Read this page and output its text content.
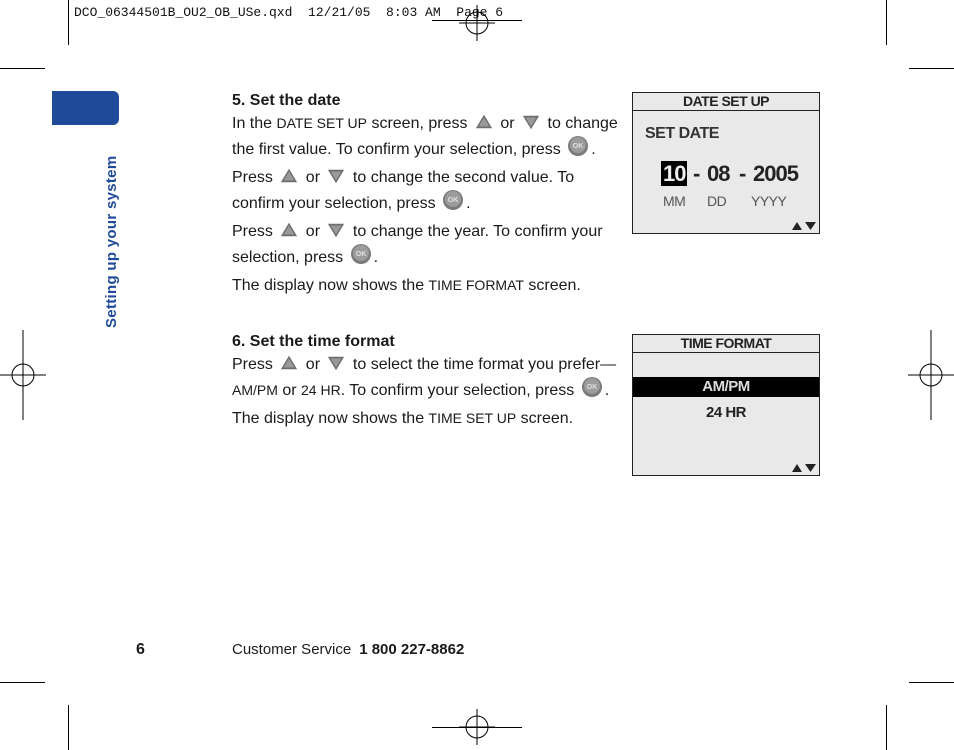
DCO_06344501B_OU2_OB_USe.qxd  12/21/05  8:03 AM  Page 6
Setting up your system
5. Set the date

In the DATE SET UP screen, press  or  to change the first value. To confirm your selection, press .

Press  or  to change the second value. To confirm your selection, press .

Press  or  to change the year. To confirm your selection, press .

The display now shows the TIME FORMAT screen.

6. Set the time format

Press  or  to select the time format you prefer—AM/PM or 24 HR. To confirm your selection, press .

The display now shows the TIME SET UP screen.

DATE SET UP
SET DATE
10 - 08 - 2005
MM DD YYYY
TIME FORMAT
AM/PM
24 HR
6	Customer Service 1 800 227-8862
